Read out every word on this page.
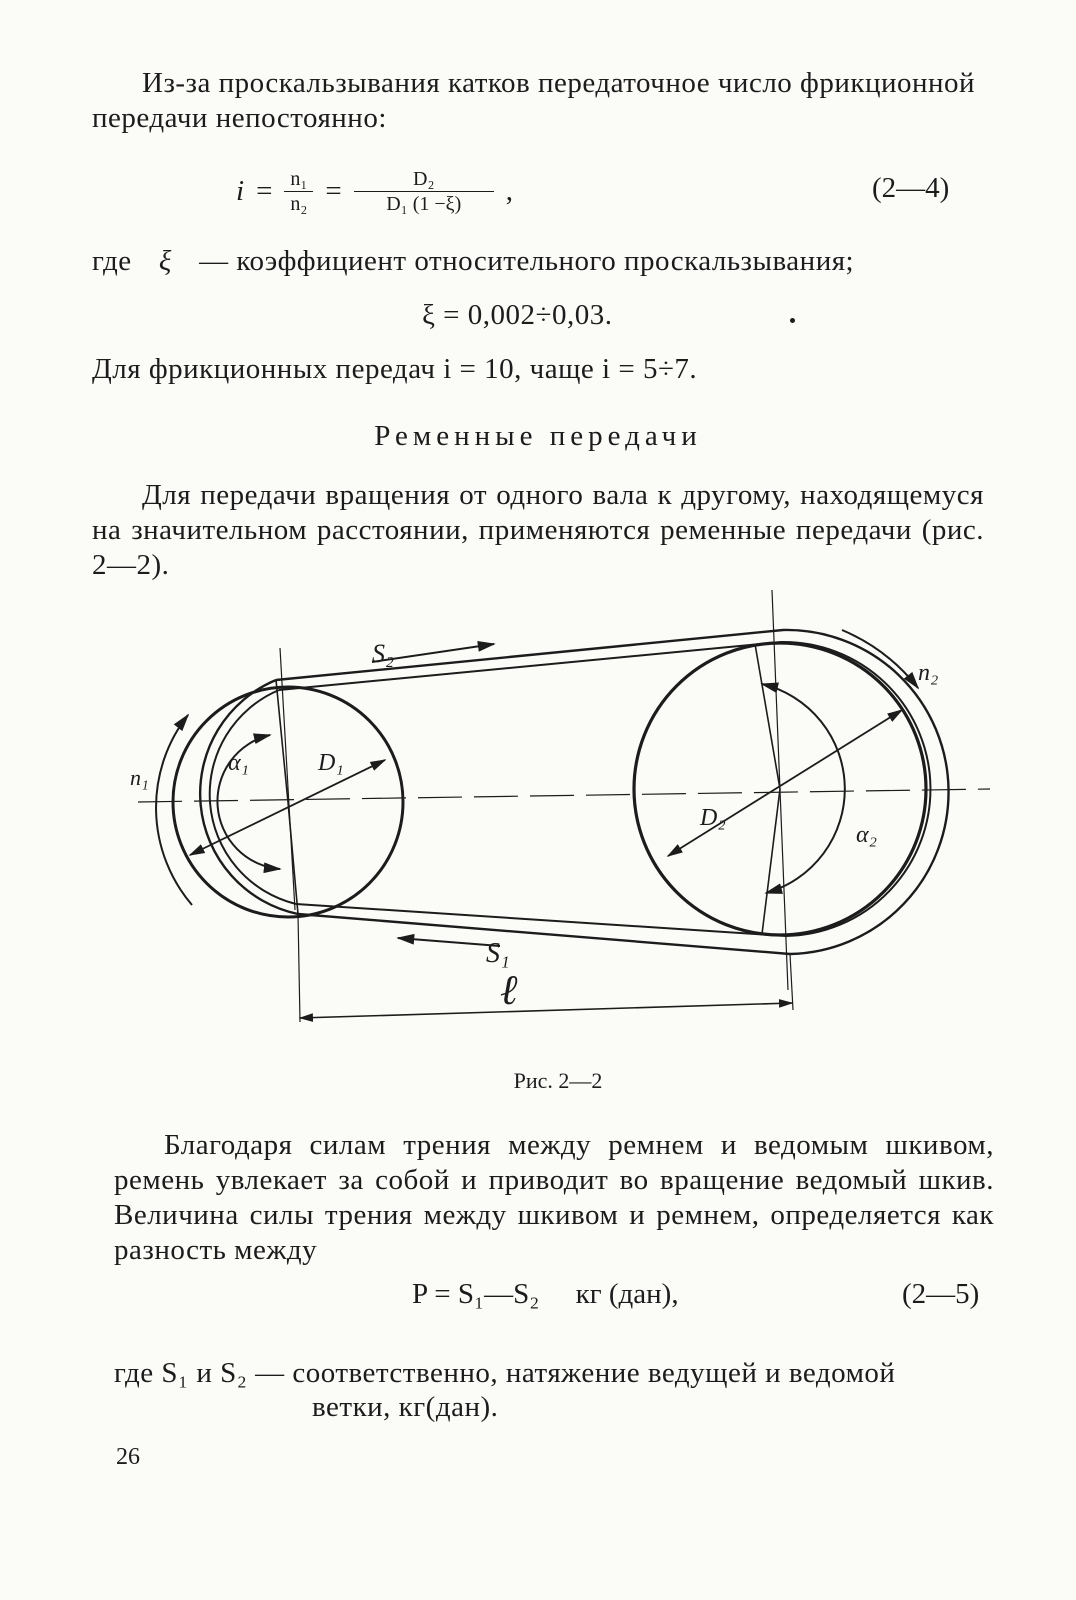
Из-за проскальзывания катков передаточное число фрикционной передачи непостоянно:
$i = \frac{\text{n₁}}{\text{n₂}} = \frac{\text{D₂}}{\text{D₁ (1 −ξ)}}$ ,	(2—4)
где ξ — коэффициент относительного проскальзывания;
ξ = 0,002÷0,03.
Для фрикционных передач i = 10, чаще i = 5÷7.
Ременные передачи
Для передачи вращения от одного вала к другому, находящемуся на значительном расстоянии, применяются ременные передачи (рис. 2—2).
S₂
n₂
n₁
D₁
D₂
α₁
α₂
S₁
ℓ
Рис. 2—2
Благодаря силам трения между ремнем и ведомым шкивом, ремень увлекает за собой и приводит во вращение ведомый шкив. Величина силы трения между шкивом и ремнем, определяется как разность между
P = S₁—S₂     кг (дан),	(2—5)
где S₁ и S₂ — соответственно, натяжение ведущей и ведомой
ветки, кг(дан).
26
